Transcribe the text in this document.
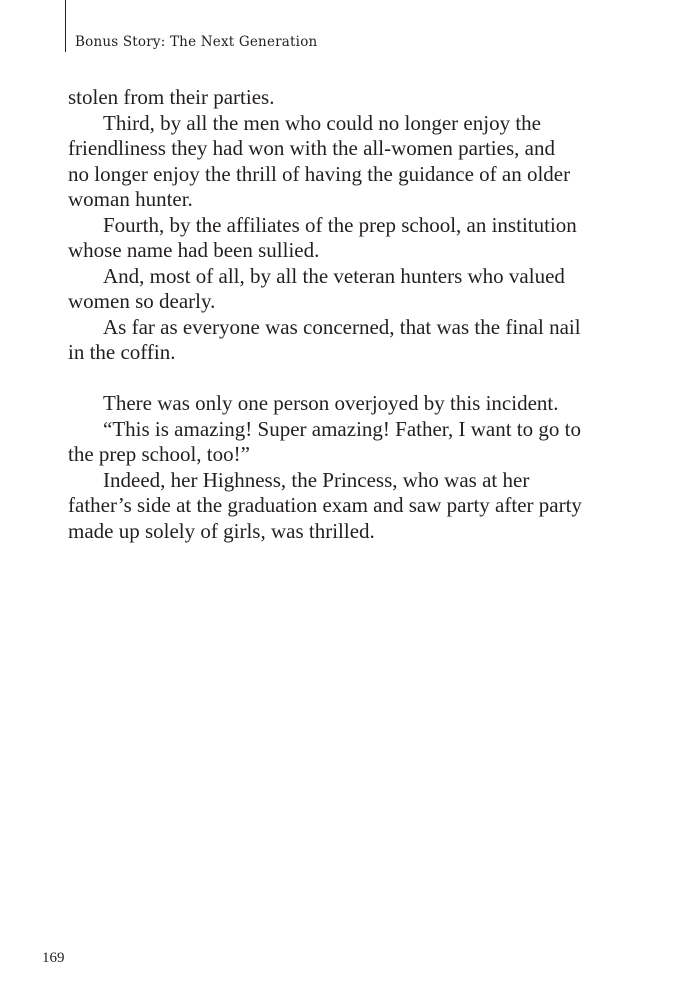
Bonus Story: The Next Generation
stolen from their parties.
Third, by all the men who could no longer enjoy the
friendliness they had won with the all-women parties, and
no longer enjoy the thrill of having the guidance of an older
woman hunter.
Fourth, by the affiliates of the prep school, an institution
whose name had been sullied.
And, most of all, by all the veteran hunters who valued
women so dearly.
As far as everyone was concerned, that was the final nail
in the coffin.
There was only one person overjoyed by this incident.
“This is amazing! Super amazing! Father, I want to go to
the prep school, too!”
Indeed, her Highness, the Princess, who was at her
father’s side at the graduation exam and saw party after party
made up solely of girls, was thrilled.
169
